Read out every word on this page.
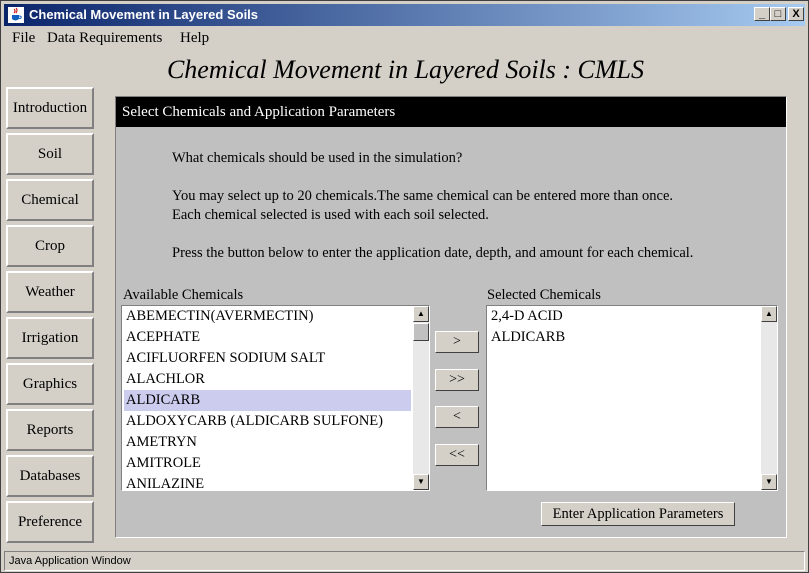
Chemical Movement in Layered Soils	_ □	X
File Data Requirements Help
Chemical Movement in Layered Soils : CMLS
Introduction
Soil
Chemical
Crop
Weather
Irrigation
Graphics
Reports
Databases
Preference
Select Chemicals and Application Parameters
What chemicals should be used in the simulation?
You may select up to 20 chemicals.The same chemical can be entered more than once.
Each chemical selected is used with each soil selected.
Press the button below to enter the application date, depth, and amount for each chemical.
Available Chemicals	Selected Chemicals
ABEMECTIN(AVERMECTIN)
ACEPHATE
ACIFLUORFEN SODIUM SALT
ALACHLOR
ALDICARB
ALDOXYCARB (ALDICARB SULFONE)
AMETRYN
AMITROLE
ANILAZINE
▲
▼
>
>>
<
<<
2,4-D ACID
ALDICARB
▲
▼
Enter Application Parameters
Java Application Window
